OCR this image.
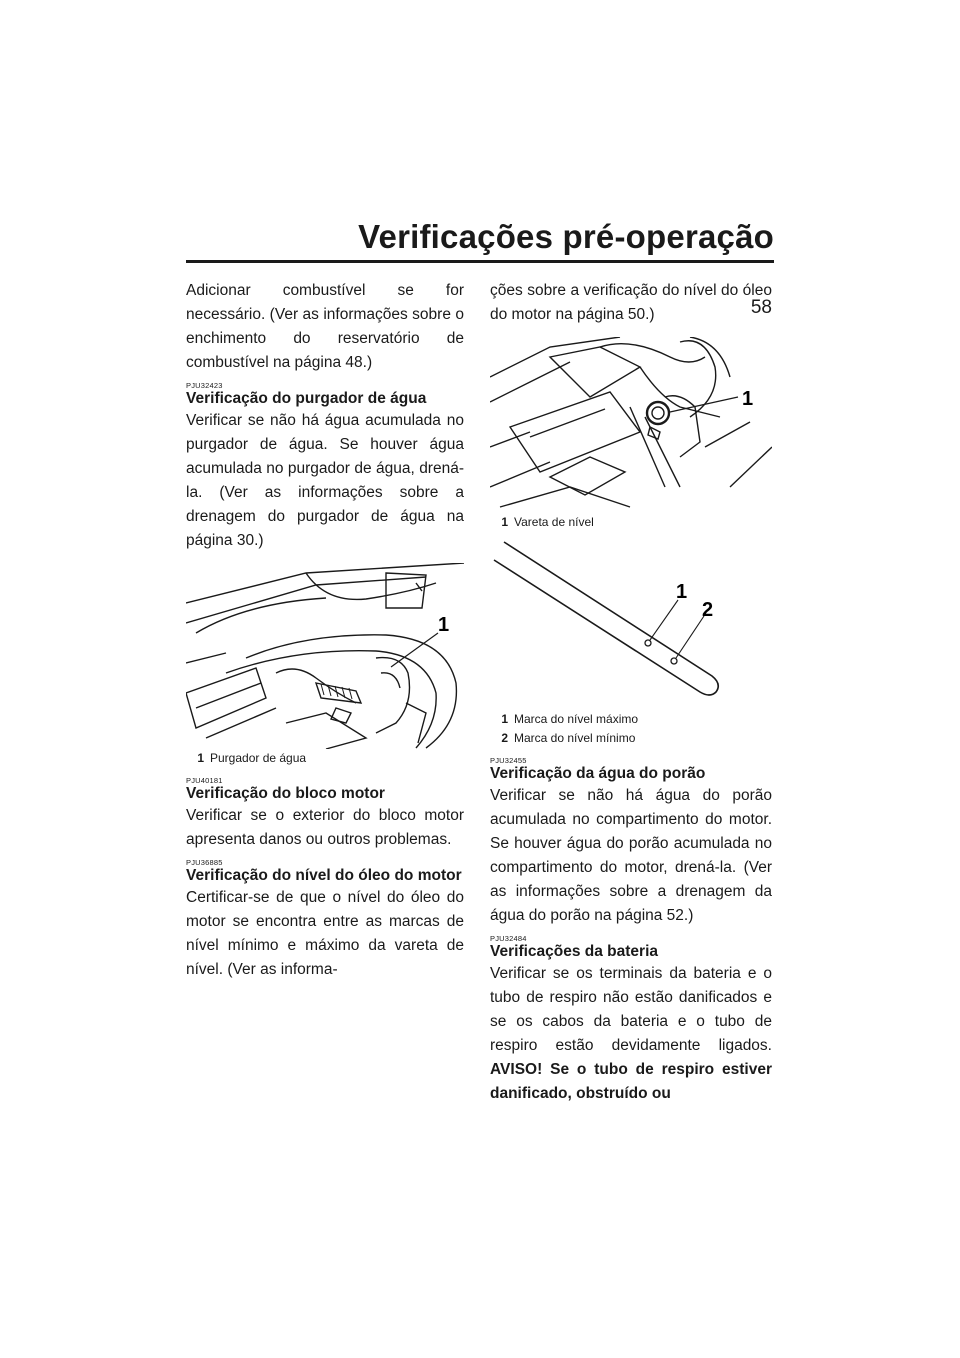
Verificações pré-operação
58

Adicionar combustível se for necessário. (Ver as informações sobre o enchimento do reservatório de combustível na página 48.)

PJU32423
Verificação do purgador de água

Verificar se não há água acumulada no purgador de água. Se houver água acumulada no purgador de água, drená-la. (Ver as informações sobre a drenagem do purgador de água na página 30.)

1
1 Purgador de água
PJU40181
Verificação do bloco motor

Verificar se o exterior do bloco motor apresenta danos ou outros problemas.

PJU36885
Verificação do nível do óleo do motor

Certificar-se de que o nível do óleo do motor se encontra entre as marcas de nível mínimo e máximo da vareta de nível. (Ver as informa-

ções sobre a verificação do nível do óleo do motor na página 50.)

1
1 Vareta de nível
1
2
1 Marca do nível máximo
2 Marca do nível mínimo
PJU32455
Verificação da água do porão

Verificar se não há água do porão acumulada no compartimento do motor. Se houver água do porão acumulada no compartimento do motor, drená-la. (Ver as informações sobre a drenagem da água do porão na página 52.)

PJU32484
Verificações da bateria

Verificar se os terminais da bateria e o tubo de respiro não estão danificados e se os cabos da bateria e o tubo de respiro estão devidamente ligados. AVISO! Se o tubo de respiro estiver danificado, obstruído ou
